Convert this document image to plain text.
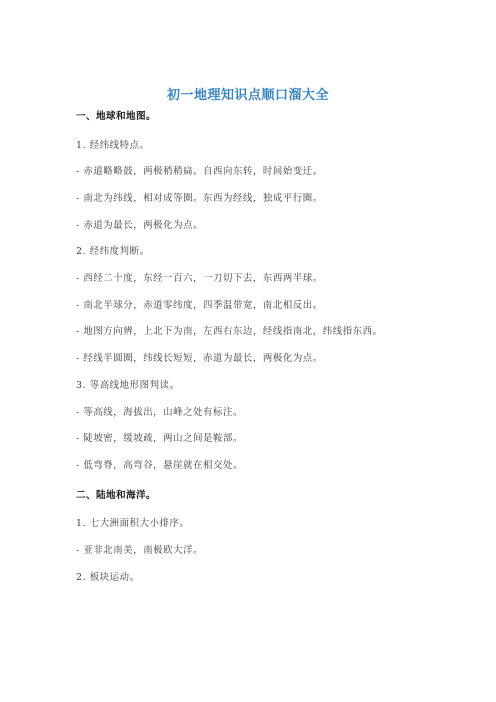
初一地理知识点顺口溜大全
一、地球和地图。
1. 经纬线特点。
- 赤道略略鼓，两极稍稍扁。自西向东转，时间始变迁。
- 南北为纬线，相对成等圈。东西为经线，独成平行圈。
- 赤道为最长，两极化为点。
2. 经纬度判断。
- 西经二十度，东经一百六，一刀切下去，东西两半球。
- 南北半球分，赤道零纬度，四季温带宽，南北相反出。
- 地图方向辨，上北下为南，左西右东边，经线指南北，纬线指东西。
- 经线半圆圈，纬线长短短，赤道为最长，两极化为点。
3. 等高线地形图判读。
- 等高线，海拔出，山峰之处有标注。
- 陡坡密，缓坡疏，两山之间是鞍部。
- 低弯脊，高弯谷，悬崖就在相交处。
二、陆地和海洋。
1. 七大洲面积大小排序。
- 亚非北南美，南极欧大洋。
2. 板块运动。
